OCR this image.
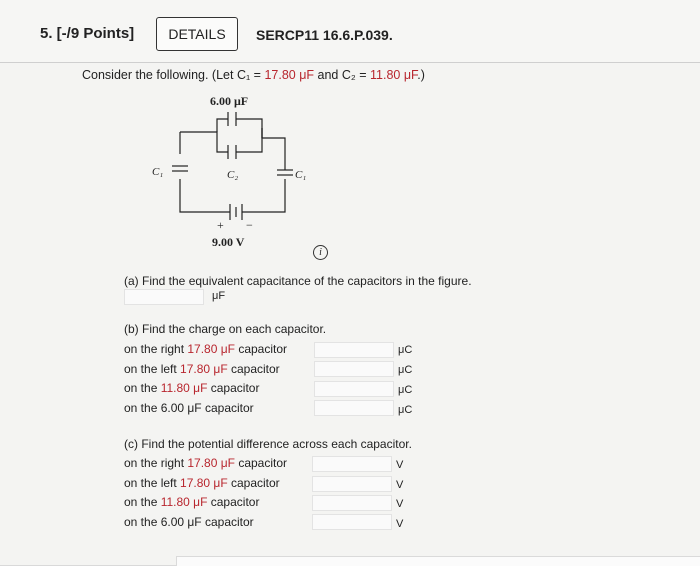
5. [-/9 Points]	DETAILS	SERCP11 16.6.P.039.
Consider the following. (Let C₁ = 17.80 μF and C₂ = 11.80 μF.)
6.00 μF
C₁	C₂	C₁
+ −
9.00 V
i
(a) Find the equivalent capacitance of the capacitors in the figure.
μF
(b) Find the charge on each capacitor.
on the right 17.80 μF capacitor	μC
on the left 17.80 μF capacitor	μC
on the 11.80 μF capacitor	μC
on the 6.00 μF capacitor	μC
(c) Find the potential difference across each capacitor.
on the right 17.80 μF capacitor	V
on the left 17.80 μF capacitor	V
on the 11.80 μF capacitor	V
on the 6.00 μF capacitor	V
